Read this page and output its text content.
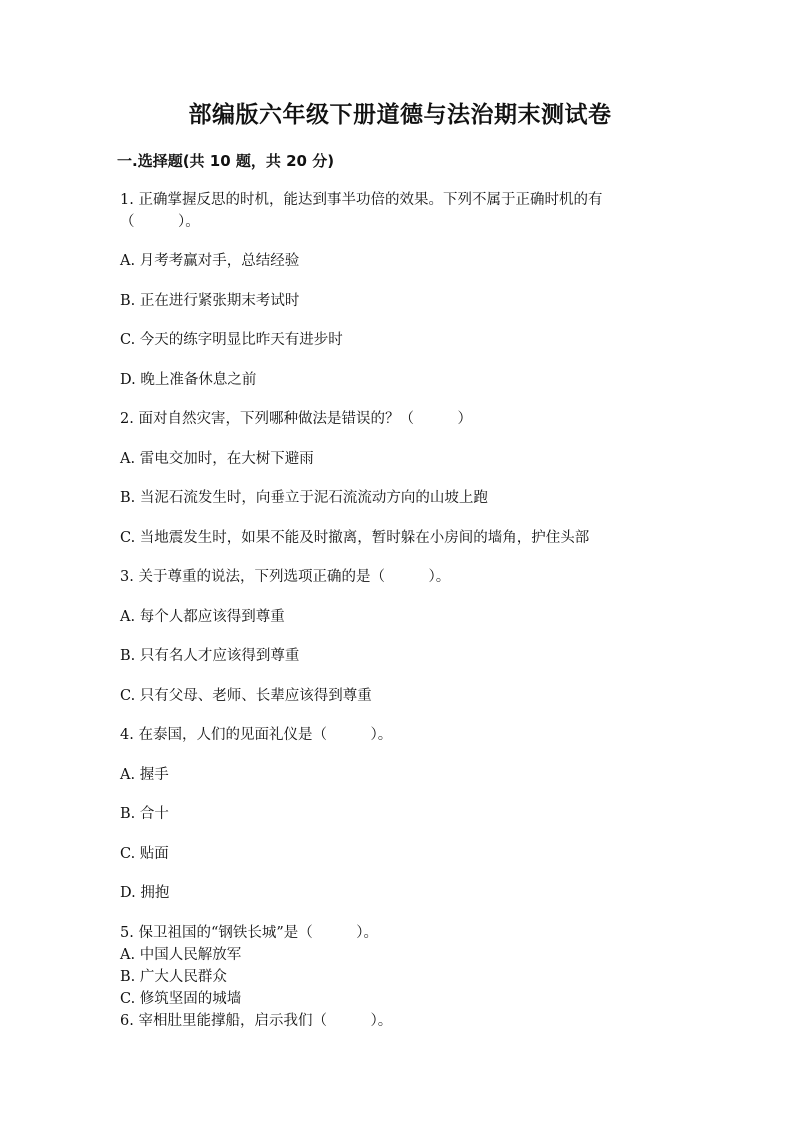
部编版六年级下册道德与法治期末测试卷
一.选择题(共 10 题，共 20 分)
1. 正确掌握反思的时机，能达到事半功倍的效果。下列不属于正确时机的有
（　　　）。
A. 月考考赢对手，总结经验
B. 正在进行紧张期末考试时
C. 今天的练字明显比昨天有进步时
D. 晚上准备休息之前
2. 面对自然灾害，下列哪种做法是错误的？（　　　）
A. 雷电交加时，在大树下避雨
B. 当泥石流发生时，向垂立于泥石流流动方向的山坡上跑
C. 当地震发生时，如果不能及时撤离，暂时躲在小房间的墙角，护住头部
3. 关于尊重的说法，下列选项正确的是（　　　）。
A. 每个人都应该得到尊重
B. 只有名人才应该得到尊重
C. 只有父母、老师、长辈应该得到尊重
4. 在泰国，人们的见面礼仪是（　　　）。
A. 握手
B. 合十
C. 贴面
D. 拥抱
5. 保卫祖国的“钢铁长城”是（　　　）。
A. 中国人民解放军
B. 广大人民群众
C. 修筑坚固的城墙
6. 宰相肚里能撑船，启示我们（　　　）。
